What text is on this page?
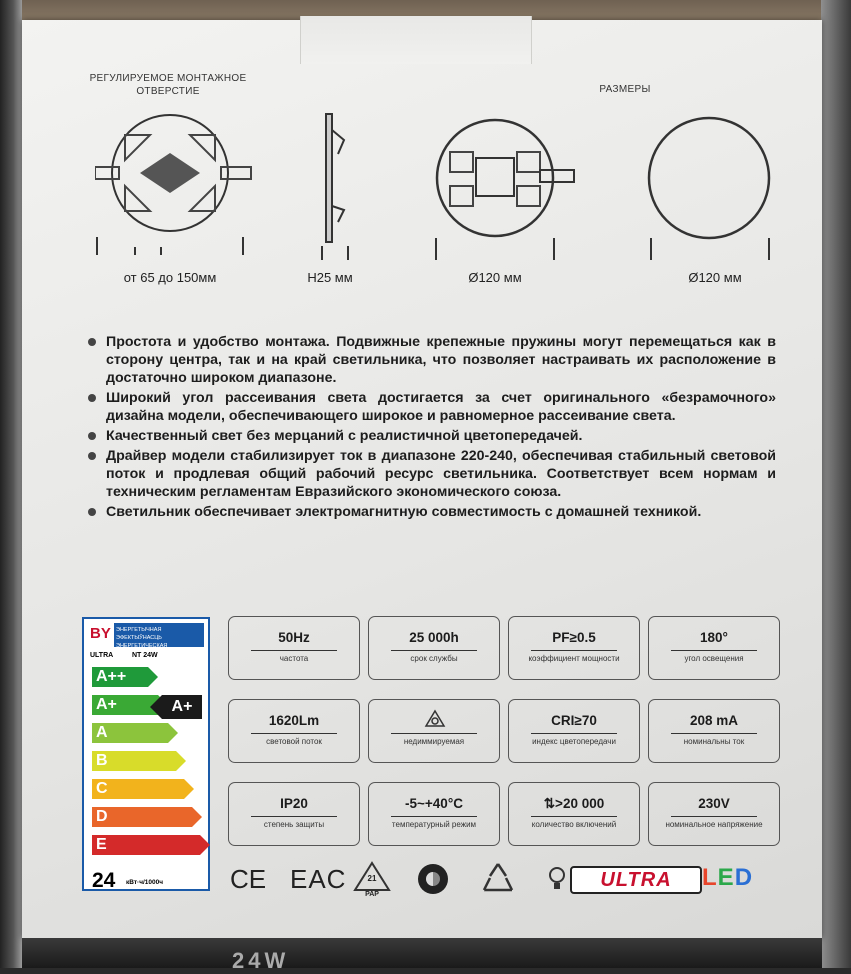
РЕГУЛИРУЕМОЕ МОНТАЖНОЕ ОТВЕРСТИЕ	РАЗМЕРЫ
от 65 до 150мм	H25 мм	Ø120 мм	Ø120 мм
Простота и удобство монтажа. Подвижные крепежные пружины могут перемещаться как в сторону центра, так и на край светильника, что позволяет настраивать их расположение в достаточно широком диапазоне.
Широкий угол рассеивания света достигается за счет оригинального «безрамочного» дизайна модели, обеспечивающего широкое и равномерное рассеивание света.
Качественный свет без мерцаний с реалистичной цветопередачей.
Драйвер модели стабилизирует ток в диапазоне 220-240, обеспечивая стабильный световой поток и продлевая общий рабочий ресурс светильника. Соответствует всем нормам и техническим регламентам Евразийского экономического союза.
Светильник обеспечивает электромагнитную совместимость с домашней техникой.
BY ЭНЕРГЕТЫЧНАЯ ЭФЕКТЫЎНАСЦЬ ЭНЕРГЕТИЧЕСКАЯ
ULTRA	NT 24W
A++
A+
A
B
C
D
E
24 кВт·ч/1000ч
A+
50Hz
частота
25 000h
срок службы
PF≥0.5
коэффициент мощности
180°
угол освещения
1620Lm
световой поток	недиммируемая
CRI≥70
индекс цветопередачи
208 mA
номинальны ток
IP20
степень защиты
-5~+40°C
температурный режим
⇅>20 000
количество включений
230V
номинальное напряжение
CE EAC	21
PAP
ULTRA	LED
24W
